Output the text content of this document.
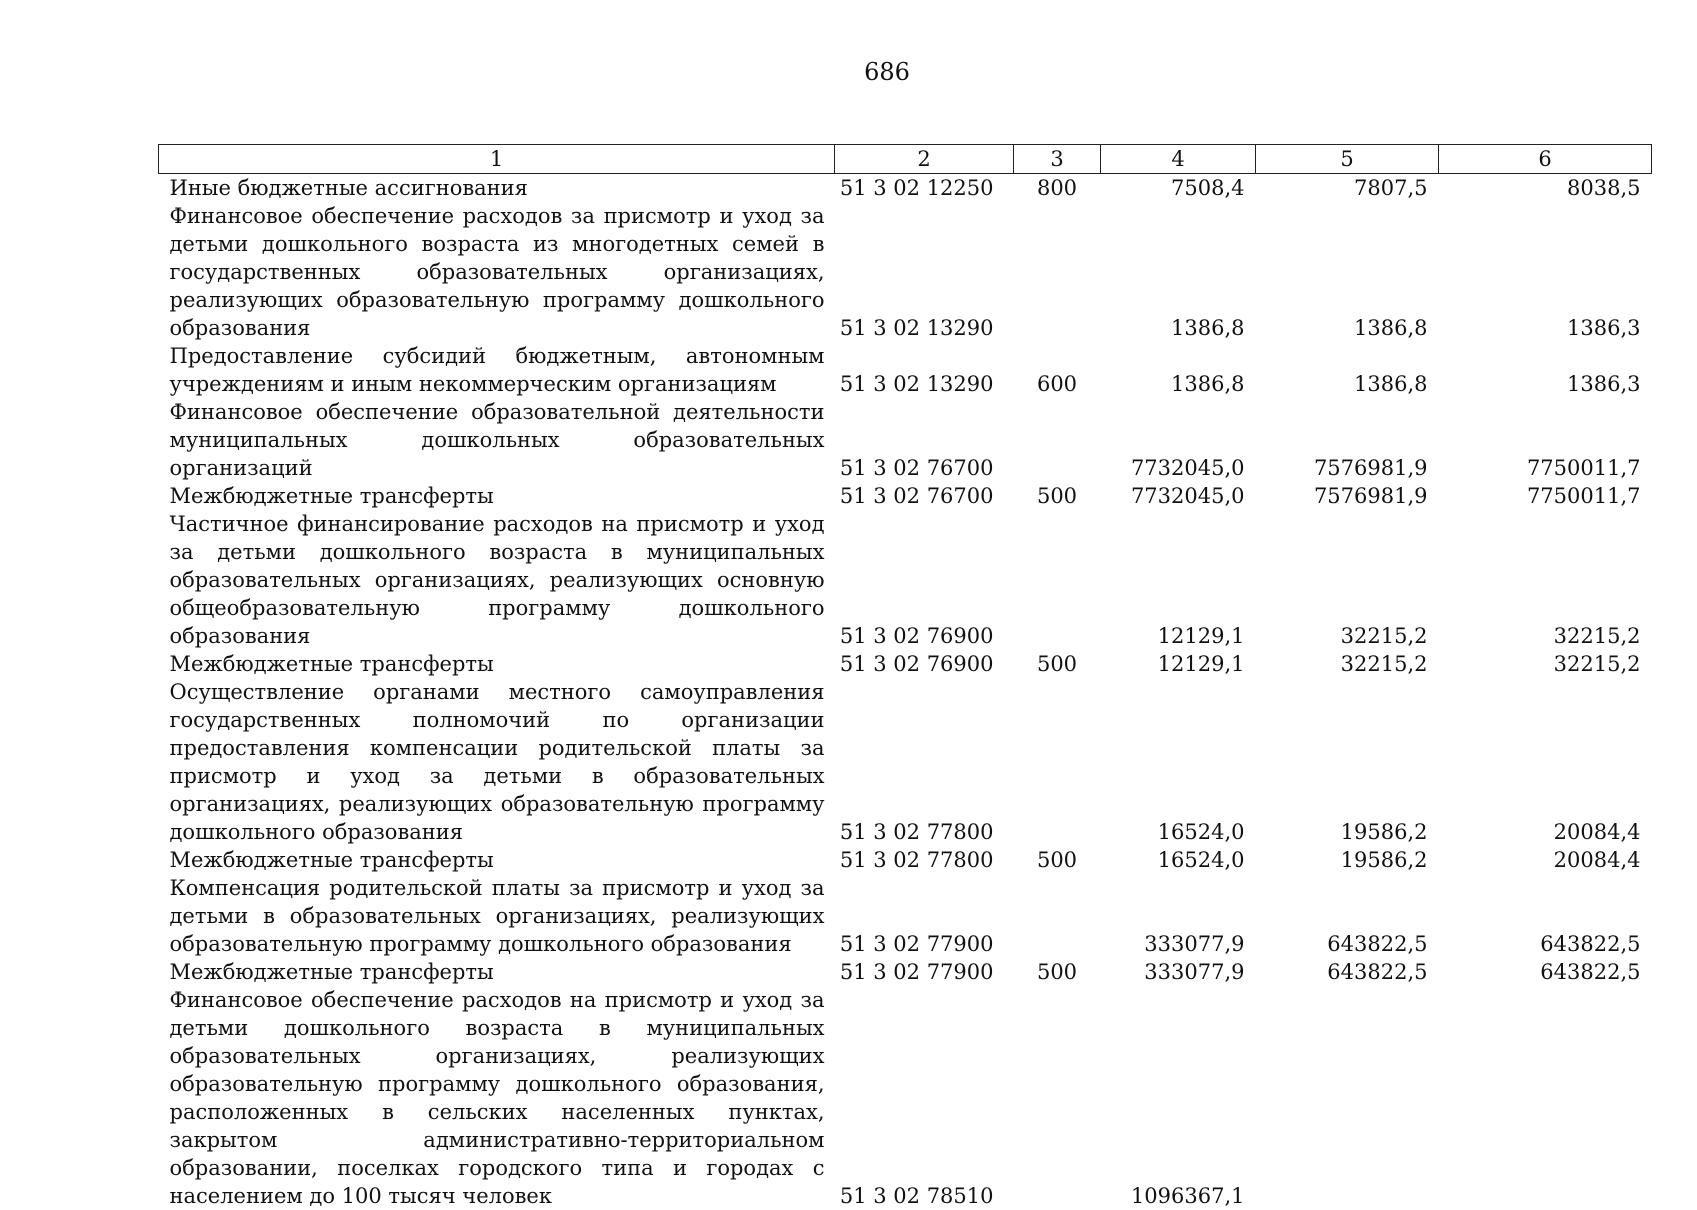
686
1	2	3	4	5	6
Иные бюджетные ассигнования	51 3 02 12250	800	7508,4	7807,5	8038,5
Финансовое обеспечение расходов за присмотр и уход за детьми дошкольного возраста из многодетных семей в государственных образовательных организациях, реализующих образовательную программу дошкольного образования	51 3 02 13290		1386,8	1386,8	1386,3
Предоставление субсидий бюджетным, автономным учреждениям и иным некоммерческим организациям	51 3 02 13290	600	1386,8	1386,8	1386,3
Финансовое обеспечение образовательной деятельности муниципальных дошкольных образовательных организаций	51 3 02 76700		7732045,0	7576981,9	7750011,7
Межбюджетные трансферты	51 3 02 76700	500	7732045,0	7576981,9	7750011,7
Частичное финансирование расходов на присмотр и уход за детьми дошкольного возраста в муниципальных образовательных организациях, реализующих основную общеобразовательную программу дошкольного образования	51 3 02 76900		12129,1	32215,2	32215,2
Межбюджетные трансферты	51 3 02 76900	500	12129,1	32215,2	32215,2
Осуществление органами местного самоуправления государственных полномочий по организации предоставления компенсации родительской платы за присмотр и уход за детьми в образовательных организациях, реализующих образовательную программу дошкольного образования	51 3 02 77800		16524,0	19586,2	20084,4
Межбюджетные трансферты	51 3 02 77800	500	16524,0	19586,2	20084,4
Компенсация родительской платы за присмотр и уход за детьми в образовательных организациях, реализующих образовательную программу дошкольного образования	51 3 02 77900		333077,9	643822,5	643822,5
Межбюджетные трансферты	51 3 02 77900	500	333077,9	643822,5	643822,5
Финансовое обеспечение расходов на присмотр и уход за детьми дошкольного возраста в муниципальных образовательных организациях, реализующих образовательную программу дошкольного образования, расположенных в сельских населенных пунктах, закрытом административно-территориальном образовании, поселках городского типа и городах с населением до 100 тысяч человек	51 3 02 78510		1096367,1		
